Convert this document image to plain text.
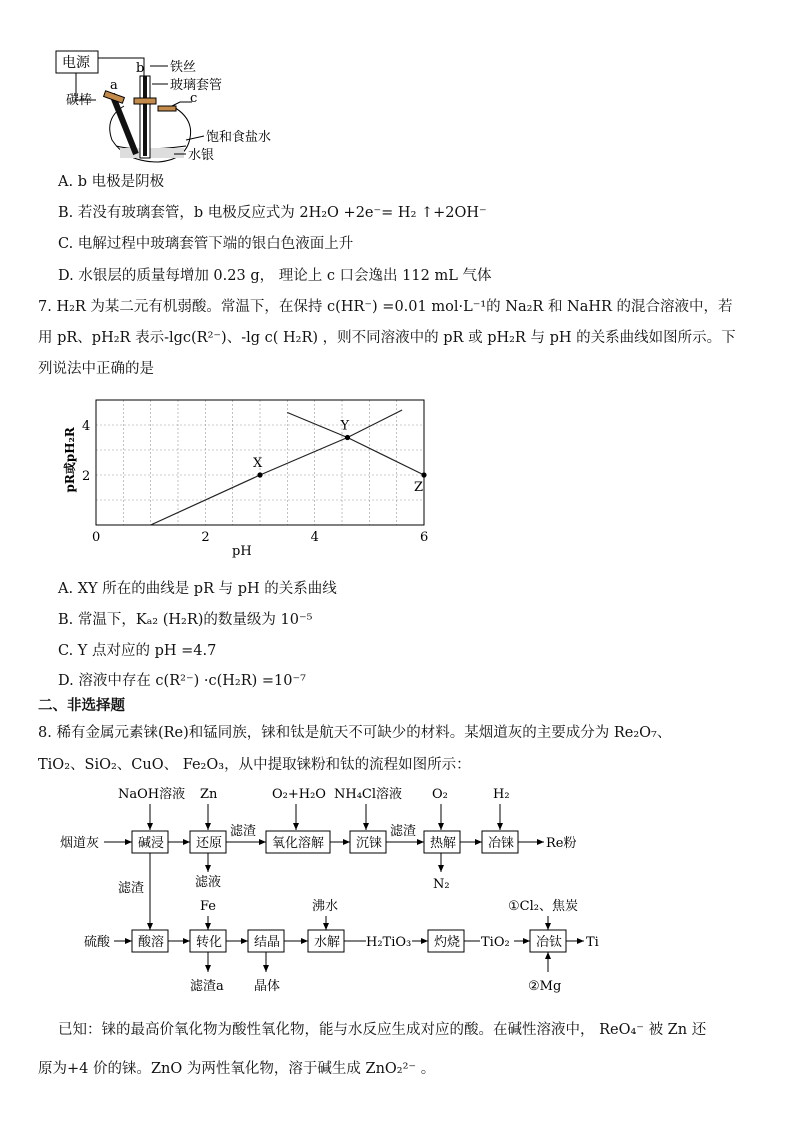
电源	b
a
c
碳棒
铁丝
玻璃套管
饱和食盐水
水银
A. b 电极是阴极
B. 若没有玻璃套管，b 电极反应式为 2H₂O +2e⁻= H₂ ↑+2OH⁻
C. 电解过程中玻璃套管下端的银白色液面上升
D. 水银层的质量每增加 0.23 g， 理论上 c 口会逸出 112 mL 气体
7. H₂R 为某二元有机弱酸。常温下，在保持 c(HR⁻) =0.01 mol·L⁻¹的 Na₂R 和 NaHR 的混合溶液中，若
用 pR、pH₂R 表示-lgc(R²⁻)、-lg c( H₂R) ，则不同溶液中的 pR 或 pH₂R 与 pH 的关系曲线如图所示。下
列说法中正确的是
X
Y
Z
0	2	4	6
2
4
pH
pR或pH₂R
A. XY 所在的曲线是 pR 与 pH 的关系曲线
B. 常温下，Kₐ₂ (H₂R)的数量级为 10⁻⁵
C. Y 点对应的 pH =4.7
D. 溶液中存在 c(R²⁻) ·c(H₂R) =10⁻⁷
二、非选择题
8. 稀有金属元素铼(Re)和锰同族，铼和钛是航天不可缺少的材料。某烟道灰的主要成分为 Re₂O₇、
TiO₂、SiO₂、CuO、 Fe₂O₃，从中提取铼粉和钛的流程如图所示：
NaOH溶液 Zn	O₂+H₂O NH₄Cl溶液 O₂	H₂
烟道灰	碱浸 还原
滤渣
氧化溶解 沉铼
滤渣
热解 冶铼 Re粉
滤液	N₂
滤渣
Fe	沸水	①Cl₂、焦炭
硫酸 酸溶 转化 结晶	水解 H₂TiO₃ 灼烧 TiO₂ 冶钛 Ti
滤渣a 晶体	②Mg
已知：铼的最高价氧化物为酸性氧化物，能与水反应生成对应的酸。在碱性溶液中， ReO₄⁻ 被 Zn 还
原为+4 价的铼。ZnO 为两性氧化物，溶于碱生成 ZnO₂²⁻ 。
